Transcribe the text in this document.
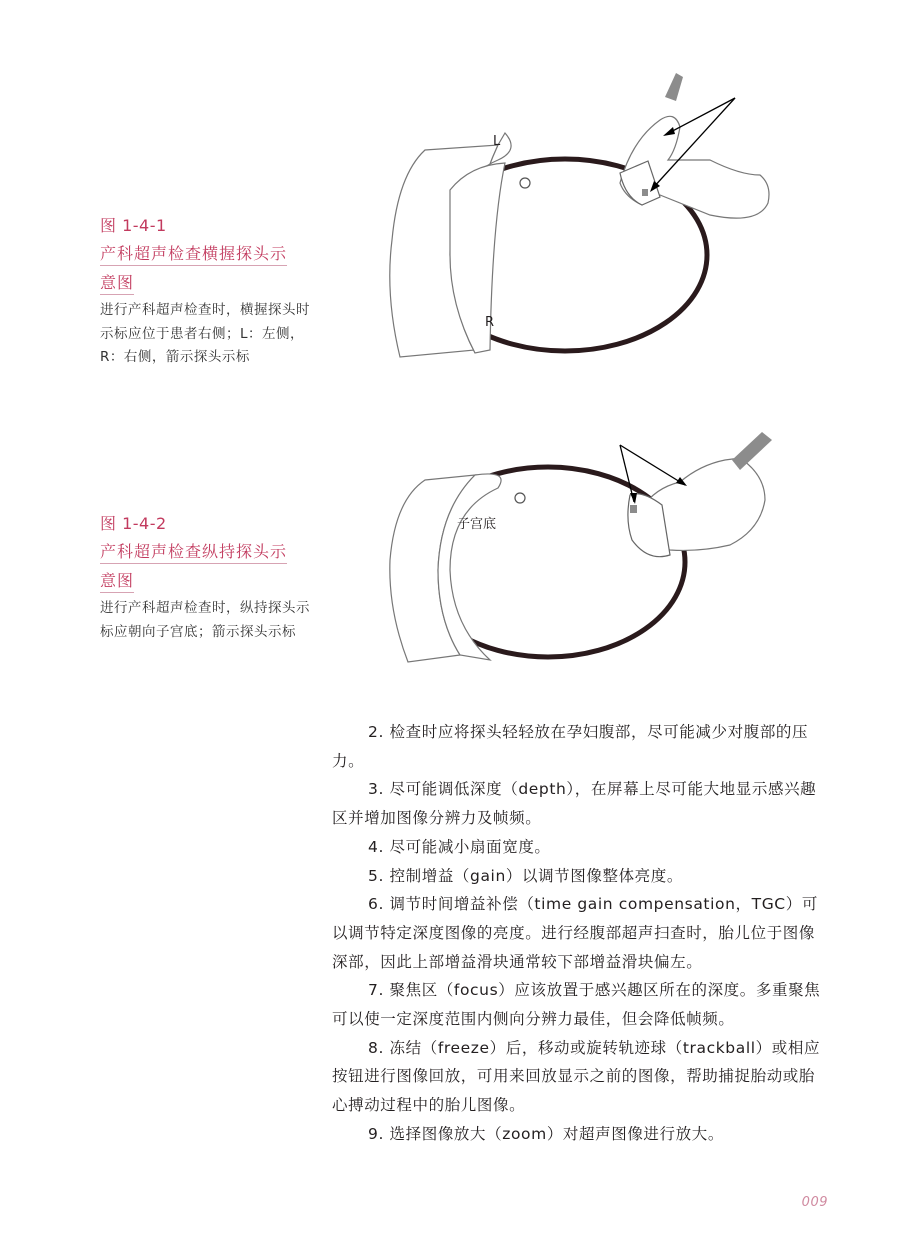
图 1-4-1
产科超声检查横握探头示
意图
进行产科超声检查时，横握探头时示标应位于患者右侧；L：左侧，R：右侧，箭示探头示标
L
R
图 1-4-2
产科超声检查纵持探头示
意图
进行产科超声检查时，纵持探头示标应朝向子宫底；箭示探头示标
子宫底

2. 检查时应将探头轻轻放在孕妇腹部，尽可能减少对腹部的压力。

3. 尽可能调低深度（depth），在屏幕上尽可能大地显示感兴趣区并增加图像分辨力及帧频。

4. 尽可能减小扇面宽度。

5. 控制增益（gain）以调节图像整体亮度。

6. 调节时间增益补偿（time gain compensation，TGC）可以调节特定深度图像的亮度。进行经腹部超声扫查时，胎儿位于图像深部，因此上部增益滑块通常较下部增益滑块偏左。

7. 聚焦区（focus）应该放置于感兴趣区所在的深度。多重聚焦可以使一定深度范围内侧向分辨力最佳，但会降低帧频。

8. 冻结（freeze）后，移动或旋转轨迹球（trackball）或相应按钮进行图像回放，可用来回放显示之前的图像，帮助捕捉胎动或胎心搏动过程中的胎儿图像。

9. 选择图像放大（zoom）对超声图像进行放大。

009
